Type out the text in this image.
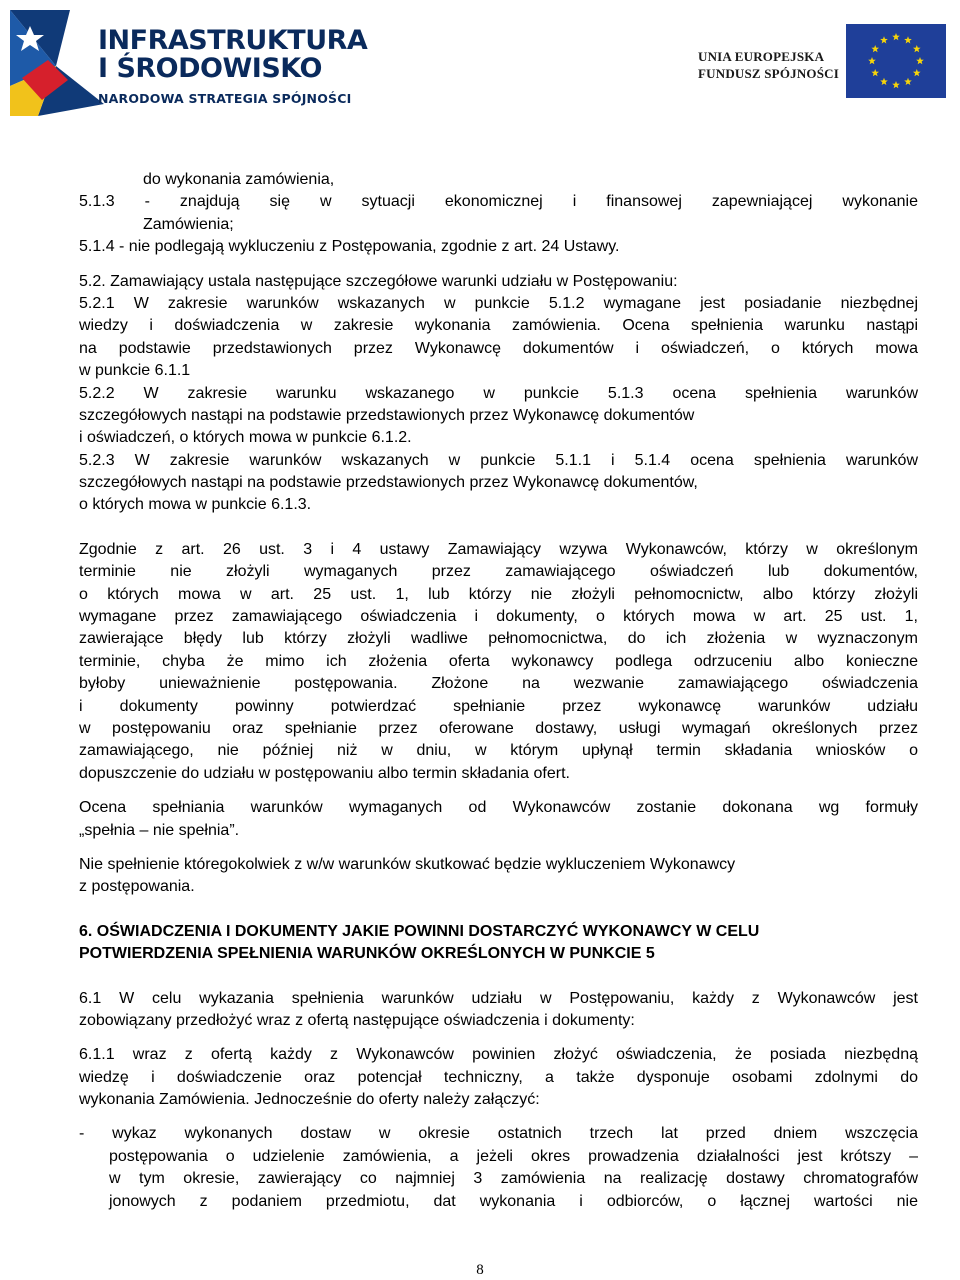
INFRASTRUKTURA
I ŚRODOWISKO
NARODOWA STRATEGIA SPÓJNOŚCI
UNIA EUROPEJSKA
FUNDUSZ SPÓJNOŚCI
do wykonania zamówienia,
5.1.3 - znajdują się w sytuacji ekonomicznej i finansowej zapewniającej wykonanie
Zamówienia;
5.1.4 - nie podlegają wykluczeniu z Postępowania, zgodnie z art. 24 Ustawy.
5.2. Zamawiający ustala następujące szczegółowe warunki udziału w Postępowaniu:
5.2.1 W zakresie warunków wskazanych w punkcie 5.1.2 wymagane jest posiadanie niezbędnej
wiedzy i doświadczenia w zakresie wykonania zamówienia. Ocena spełnienia warunku nastąpi
na podstawie przedstawionych przez Wykonawcę dokumentów i oświadczeń, o których mowa
w punkcie 6.1.1
5.2.2 W zakresie warunku wskazanego w punkcie 5.1.3 ocena spełnienia warunków
szczegółowych nastąpi na podstawie przedstawionych przez Wykonawcę dokumentów
i oświadczeń, o których mowa w punkcie 6.1.2.
5.2.3 W zakresie warunków wskazanych w punkcie 5.1.1 i 5.1.4 ocena spełnienia warunków
szczegółowych nastąpi na podstawie przedstawionych przez Wykonawcę dokumentów,
o których mowa w punkcie 6.1.3.
Zgodnie z art. 26 ust. 3 i 4 ustawy Zamawiający wzywa Wykonawców, którzy w określonym
terminie nie złożyli wymaganych przez zamawiającego oświadczeń lub dokumentów,
o których mowa w art. 25 ust. 1, lub którzy nie złożyli pełnomocnictw, albo którzy złożyli
wymagane przez zamawiającego oświadczenia i dokumenty, o których mowa w art. 25 ust. 1,
zawierające błędy lub którzy złożyli wadliwe pełnomocnictwa, do ich złożenia w wyznaczonym
terminie, chyba że mimo ich złożenia oferta wykonawcy podlega odrzuceniu albo konieczne
byłoby unieważnienie postępowania. Złożone na wezwanie zamawiającego oświadczenia
i dokumenty powinny potwierdzać spełnianie przez wykonawcę warunków udziału
w postępowaniu oraz spełnianie przez oferowane dostawy, usługi wymagań określonych przez
zamawiającego, nie później niż w dniu, w którym upłynął termin składania wniosków o
dopuszczenie do udziału w postępowaniu albo termin składania ofert.
Ocena spełniania warunków wymaganych od Wykonawców zostanie dokonana wg formuły
„spełnia – nie spełnia”.
Nie spełnienie któregokolwiek z w/w warunków skutkować będzie wykluczeniem Wykonawcy
z postępowania.
6. OŚWIADCZENIA I DOKUMENTY JAKIE POWINNI DOSTARCZYĆ WYKONAWCY W CELU
POTWIERDZENIA SPEŁNIENIA WARUNKÓW OKREŚLONYCH W PUNKCIE 5
6.1 W celu wykazania spełnienia warunków udziału w Postępowaniu, każdy z Wykonawców jest
zobowiązany przedłożyć wraz z ofertą następujące oświadczenia i dokumenty:
6.1.1 wraz z ofertą każdy z Wykonawców powinien złożyć oświadczenia, że posiada niezbędną
wiedzę i doświadczenie oraz potencjał techniczny, a także dysponuje osobami zdolnymi do
wykonania Zamówienia. Jednocześnie do oferty należy załączyć:
- wykaz wykonanych dostaw w okresie ostatnich trzech lat przed dniem wszczęcia
postępowania o udzielenie zamówienia, a jeżeli okres prowadzenia działalności jest krótszy –
w tym okresie, zawierający co najmniej 3 zamówienia na realizację dostawy chromatografów
jonowych z podaniem przedmiotu, dat wykonania i odbiorców, o łącznej wartości nie
8
